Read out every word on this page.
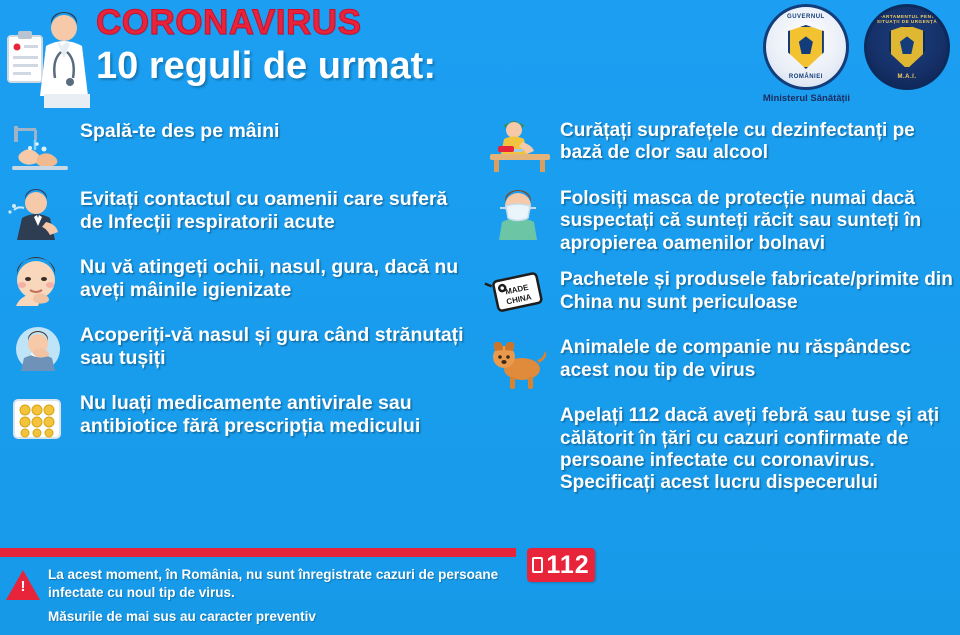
CORONAVIRUS
10 reguli de urmat:
GUVERNUL
ROMÂNIEI
Ministerul Sănătății
DEPARTAMENTUL PENTRU SITUAȚII DE URGENȚĂ
M.A.I.
Spală-te des pe mâini
Evitați contactul cu oamenii care suferă de Infecții respiratorii acute
Nu vă atingeți ochii, nasul, gura, dacă nu aveți mâinile igienizate
Acoperiți-vă nasul și gura când strănutați sau tușiți
Nu luați medicamente antivirale sau antibiotice fără prescripția medicului
Curățați suprafețele cu dezinfectanți pe bază de clor sau alcool
Folosiți masca de protecție numai dacă suspectați că sunteți răcit sau sunteți în apropierea oamenilor bolnavi
MADE
CHINA
Pachetele și produsele fabricate/primite din China nu sunt periculoase
Animalele de companie nu răspândesc acest nou tip de virus
Apelați 112 dacă aveți febră sau tuse și ați călătorit în țări cu cazuri confirmate de persoane infectate cu coronavirus. Specificați acest lucru dispecerului
112
!
La acest moment, în România, nu sunt înregistrate cazuri de persoane infectate cu noul tip de virus.
Măsurile de mai sus au caracter preventiv
